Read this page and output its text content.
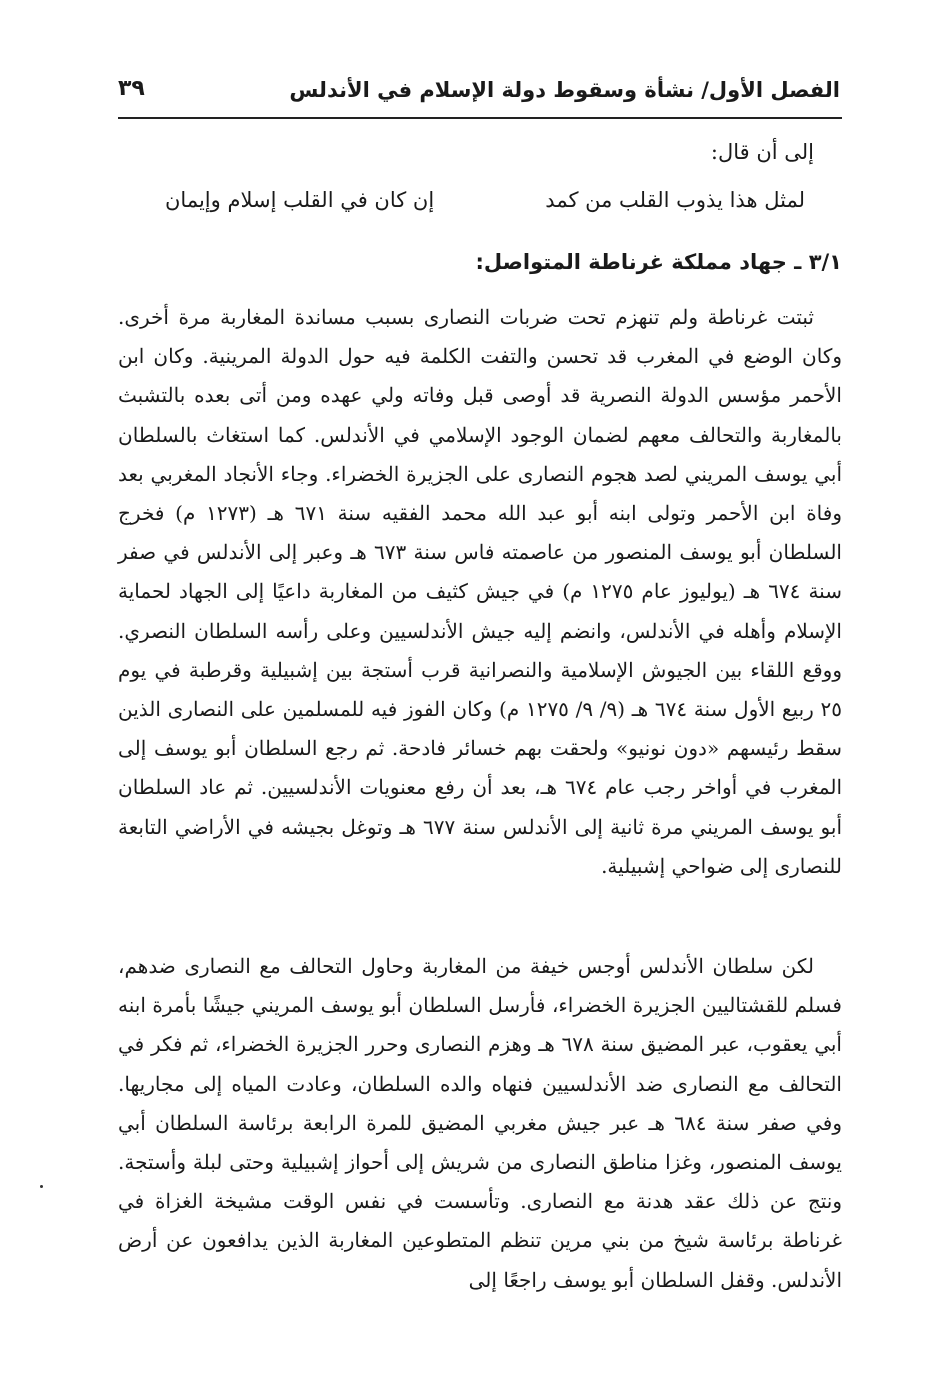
الفصل الأول/ نشأة وسقوط دولة الإسلام في الأندلس
٣٩
إلى أن قال:
لمثل هذا يذوب القلب من كمد
إن كان في القلب إسلام وإيمان
٣/١ ـ جهاد مملكة غرناطة المتواصل:

ثبتت غرناطة ولم تنهزم تحت ضربات النصارى بسبب مساندة المغاربة مرة أخرى. وكان الوضع في المغرب قد تحسن والتفت الكلمة فيه حول الدولة المرينية. وكان ابن الأحمر مؤسس الدولة النصرية قد أوصى قبل وفاته ولي عهده ومن أتى بعده بالتشبث بالمغاربة والتحالف معهم لضمان الوجود الإسلامي في الأندلس. كما استغاث بالسلطان أبي يوسف المريني لصد هجوم النصارى على الجزيرة الخضراء. وجاء الأنجاد المغربي بعد وفاة ابن الأحمر وتولى ابنه أبو عبد الله محمد الفقيه سنة ٦٧١ هـ (١٢٧٣ م) فخرج السلطان أبو يوسف المنصور من عاصمته فاس سنة ٦٧٣ هـ وعبر إلى الأندلس في صفر سنة ٦٧٤ هـ (يوليوز عام ١٢٧٥ م) في جيش كثيف من المغاربة داعيًا إلى الجهاد لحماية الإسلام وأهله في الأندلس، وانضم إليه جيش الأندلسيين وعلى رأسه السلطان النصري. ووقع اللقاء بين الجيوش الإسلامية والنصرانية قرب أستجة بين إشبيلية وقرطبة في يوم ٢٥ ربيع الأول سنة ٦٧٤ هـ (٩/ ٩/ ١٢٧٥ م) وكان الفوز فيه للمسلمين على النصارى الذين سقط رئيسهم «دون نونيو» ولحقت بهم خسائر فادحة. ثم رجع السلطان أبو يوسف إلى المغرب في أواخر رجب عام ٦٧٤ هـ، بعد أن رفع معنويات الأندلسيين. ثم عاد السلطان أبو يوسف المريني مرة ثانية إلى الأندلس سنة ٦٧٧ هـ وتوغل بجيشه في الأراضي التابعة للنصارى إلى ضواحي إشبيلية.

لكن سلطان الأندلس أوجس خيفة من المغاربة وحاول التحالف مع النصارى ضدهم، فسلم للقشتاليين الجزيرة الخضراء، فأرسل السلطان أبو يوسف المريني جيشًا بأمرة ابنه أبي يعقوب، عبر المضيق سنة ٦٧٨ هـ وهزم النصارى وحرر الجزيرة الخضراء، ثم فكر في التحالف مع النصارى ضد الأندلسيين فنهاه والده السلطان، وعادت المياه إلى مجاريها. وفي صفر سنة ٦٨٤ هـ عبر جيش مغربي المضيق للمرة الرابعة برئاسة السلطان أبي يوسف المنصور، وغزا مناطق النصارى من شريش إلى أحواز إشبيلية وحتى لبلة وأستجة. ونتج عن ذلك عقد هدنة مع النصارى. وتأسست في نفس الوقت مشيخة الغزاة في غرناطة برئاسة شيخ من بني مرين تنظم المتطوعين المغاربة الذين يدافعون عن أرض الأندلس. وقفل السلطان أبو يوسف راجعًا إلى
